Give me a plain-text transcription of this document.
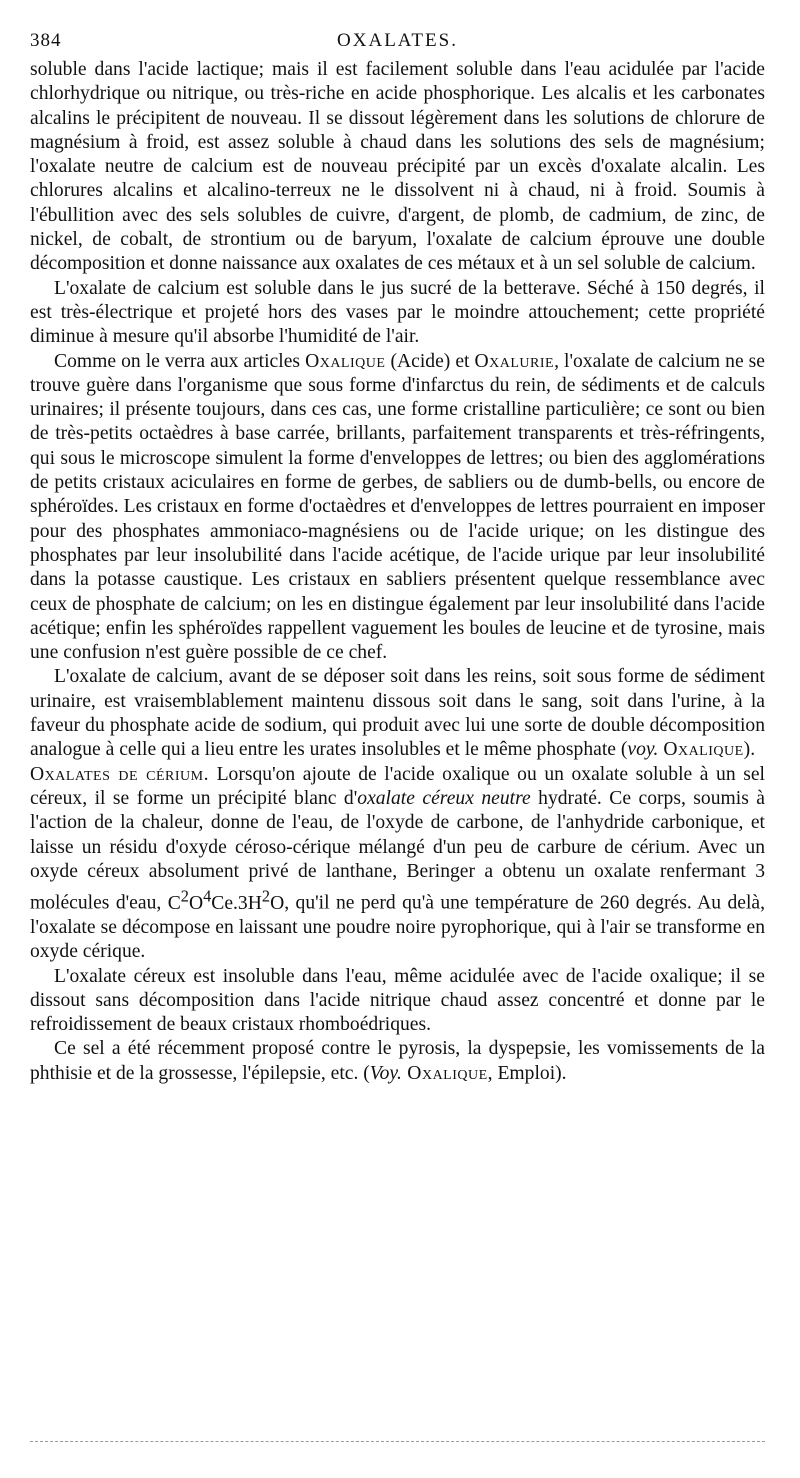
384	OXALATES.

soluble dans l'acide lactique; mais il est facilement soluble dans l'eau acidulée par l'acide chlorhydrique ou nitrique, ou très-riche en acide phosphorique. Les alcalis et les carbonates alcalins le précipitent de nouveau. Il se dissout légèrement dans les solutions de chlorure de magnésium à froid, est assez soluble à chaud dans les solutions des sels de magnésium; l'oxalate neutre de calcium est de nouveau précipité par un excès d'oxalate alcalin. Les chlorures alcalins et alcalino-terreux ne le dissolvent ni à chaud, ni à froid. Soumis à l'ébullition avec des sels solubles de cuivre, d'argent, de plomb, de cadmium, de zinc, de nickel, de cobalt, de strontium ou de baryum, l'oxalate de calcium éprouve une double décomposition et donne naissance aux oxalates de ces métaux et à un sel soluble de calcium.

L'oxalate de calcium est soluble dans le jus sucré de la betterave. Séché à 150 degrés, il est très-électrique et projeté hors des vases par le moindre attouchement; cette propriété diminue à mesure qu'il absorbe l'humidité de l'air.

Comme on le verra aux articles Oxalique (Acide) et Oxalurie, l'oxalate de calcium ne se trouve guère dans l'organisme que sous forme d'infarctus du rein, de sédiments et de calculs urinaires; il présente toujours, dans ces cas, une forme cristalline particulière; ce sont ou bien de très-petits octaèdres à base carrée, brillants, parfaitement transparents et très-réfringents, qui sous le microscope simulent la forme d'enveloppes de lettres; ou bien des agglomérations de petits cristaux aciculaires en forme de gerbes, de sabliers ou de dumb-bells, ou encore de sphéroïdes. Les cristaux en forme d'octaèdres et d'enveloppes de lettres pourraient en imposer pour des phosphates ammoniaco-magnésiens ou de l'acide urique; on les distingue des phosphates par leur insolubilité dans l'acide acétique, de l'acide urique par leur insolubilité dans la potasse caustique. Les cristaux en sabliers présentent quelque ressemblance avec ceux de phosphate de calcium; on les en distingue également par leur insolubilité dans l'acide acétique; enfin les sphéroïdes rappellent vaguement les boules de leucine et de tyrosine, mais une confusion n'est guère possible de ce chef.

L'oxalate de calcium, avant de se déposer soit dans les reins, soit sous forme de sédiment urinaire, est vraisemblablement maintenu dissous soit dans le sang, soit dans l'urine, à la faveur du phosphate acide de sodium, qui produit avec lui une sorte de double décomposition analogue à celle qui a lieu entre les urates insolubles et le même phosphate (voy. Oxalique).

Oxalates de cérium. Lorsqu'on ajoute de l'acide oxalique ou un oxalate soluble à un sel céreux, il se forme un précipité blanc d'oxalate céreux neutre hydraté. Ce corps, soumis à l'action de la chaleur, donne de l'eau, de l'oxyde de carbone, de l'anhydride carbonique, et laisse un résidu d'oxyde céroso-cérique mélangé d'un peu de carbure de cérium. Avec un oxyde céreux absolument privé de lanthane, Beringer a obtenu un oxalate renfermant 3 molécules d'eau, $C^2O^4Ce.3H^2O$, qu'il ne perd qu'à une température de 260 degrés. Au delà, l'oxalate se décompose en laissant une poudre noire pyrophorique, qui à l'air se transforme en oxyde cérique.

L'oxalate céreux est insoluble dans l'eau, même acidulée avec de l'acide oxalique; il se dissout sans décomposition dans l'acide nitrique chaud assez concentré et donne par le refroidissement de beaux cristaux rhomboédriques.

Ce sel a été récemment proposé contre le pyrosis, la dyspepsie, les vomissements de la phthisie et de la grossesse, l'épilepsie, etc. (Voy. Oxalique, Emploi).
